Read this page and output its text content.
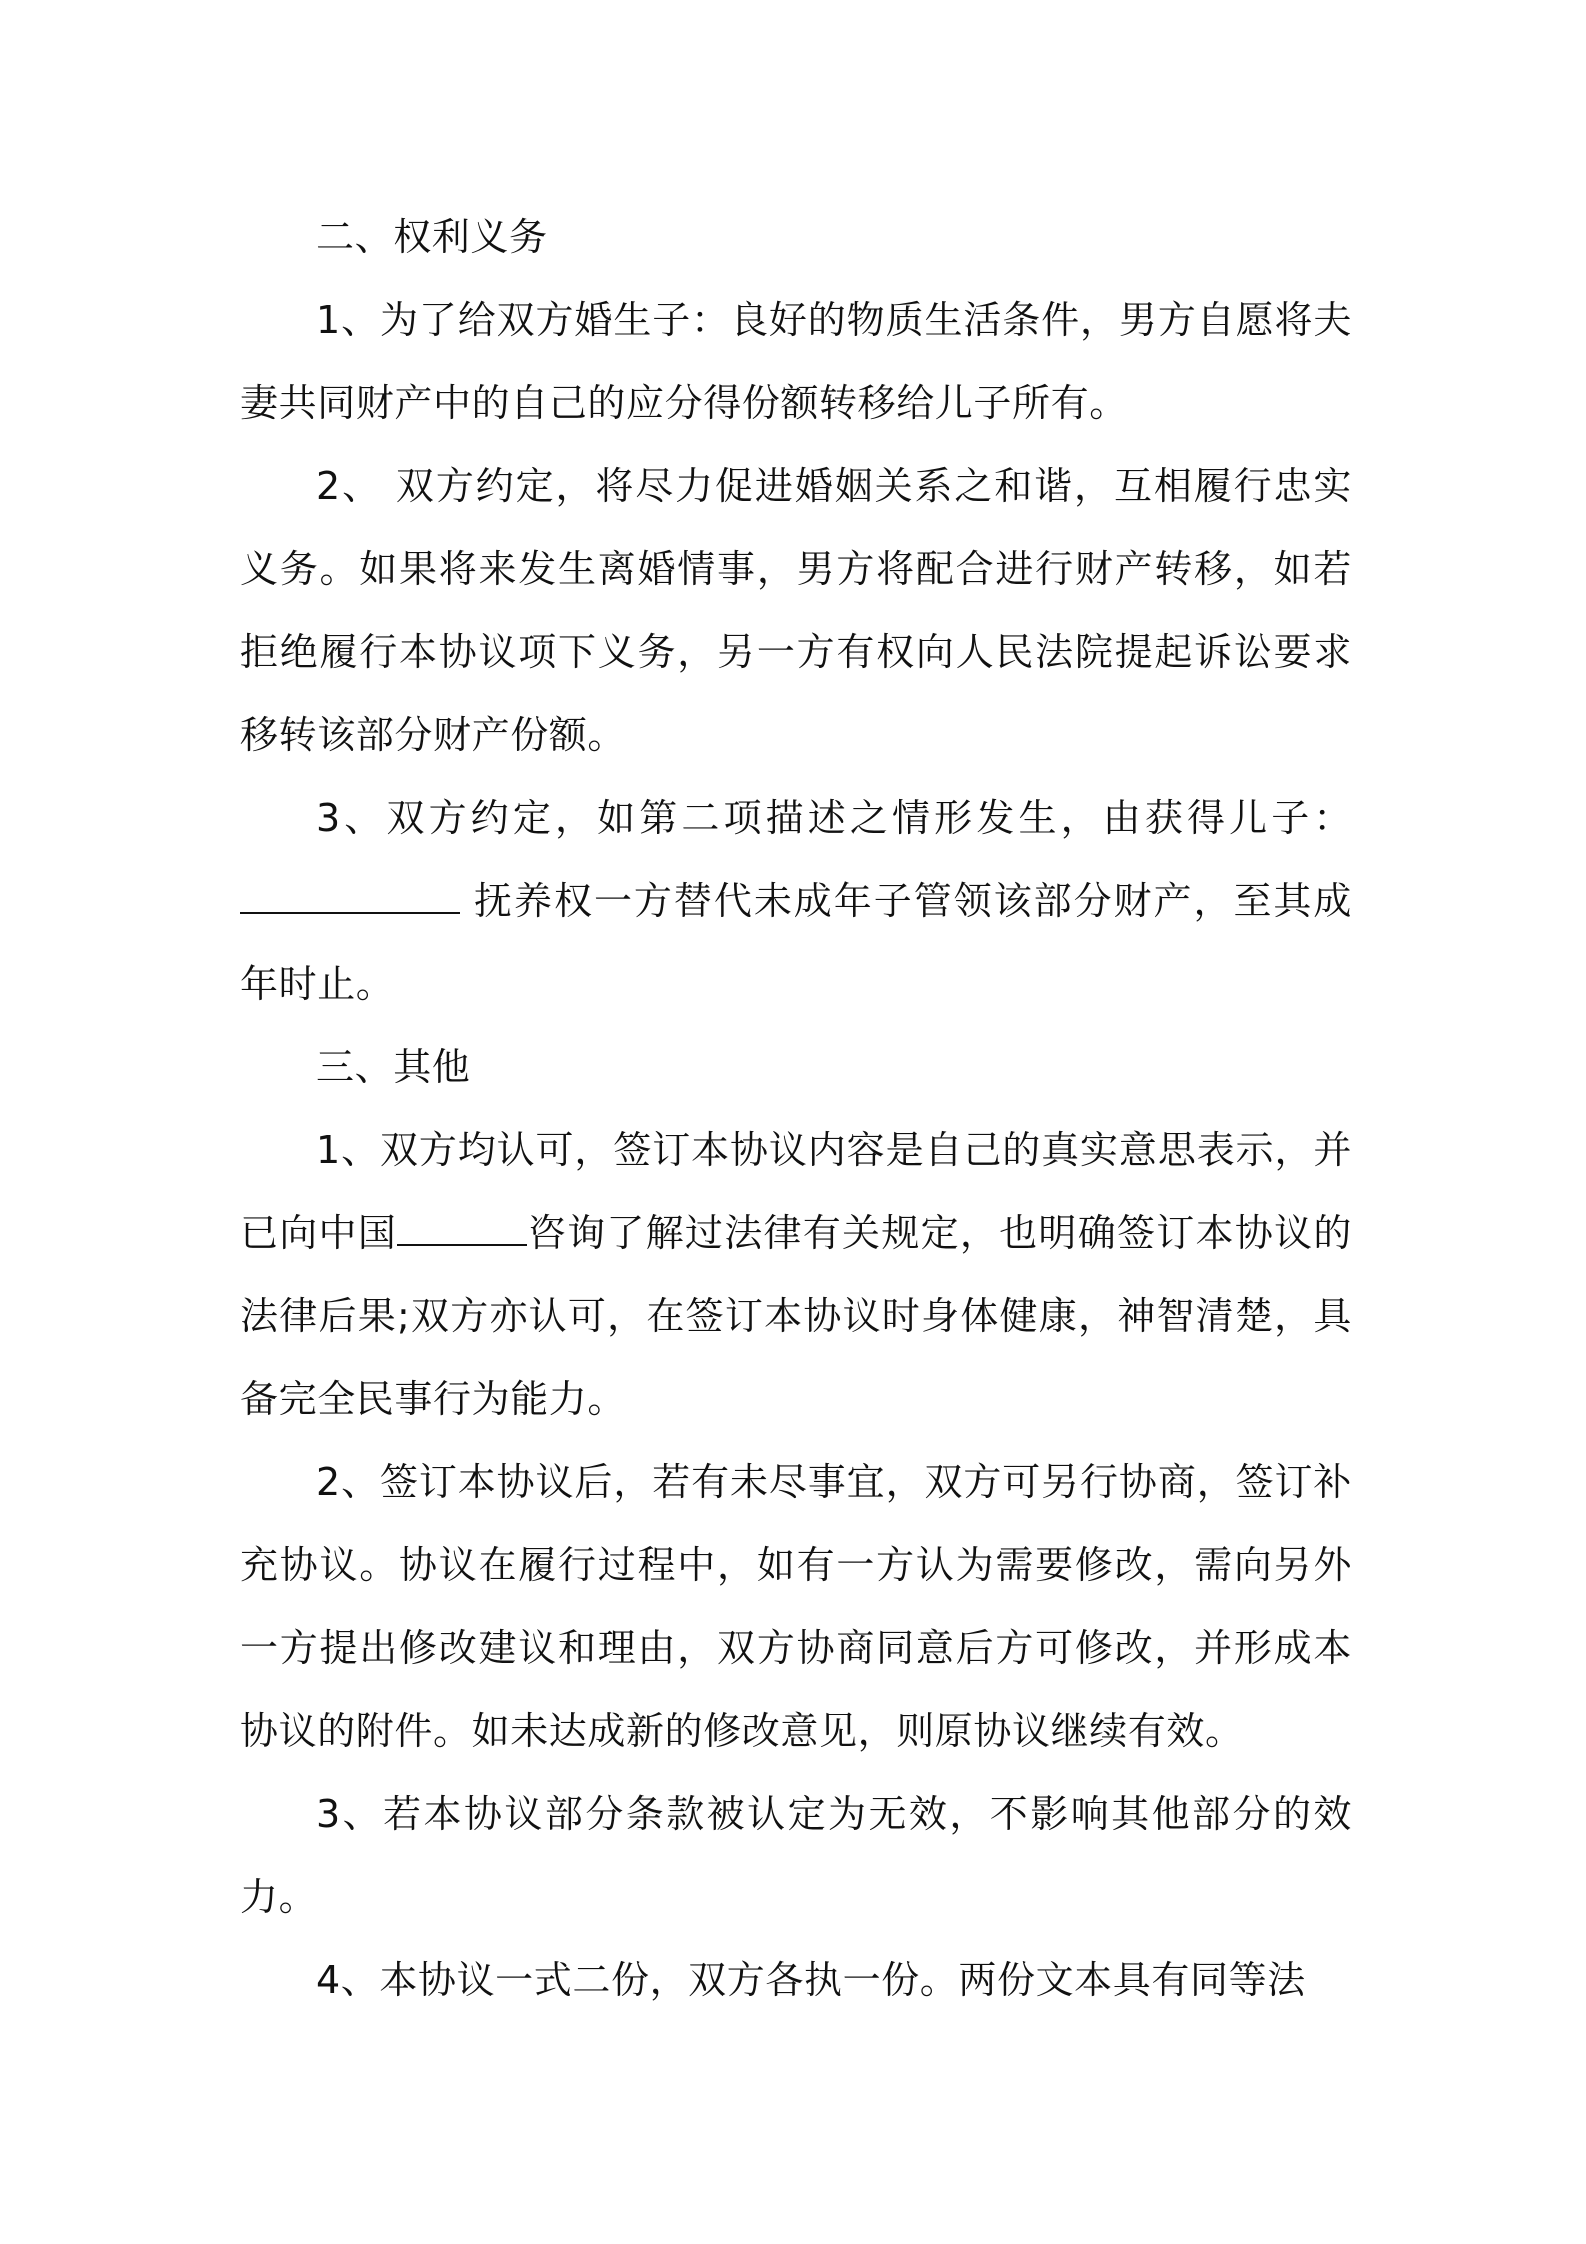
二、权利义务

1、为了给双方婚生子：良好的物质生活条件，男方自愿将夫妻共同财产中的自己的应分得份额转移给儿子所有。

2、 双方约定，将尽力促进婚姻关系之和谐，互相履行忠实义务。如果将来发生离婚情事，男方将配合进行财产转移，如若拒绝履行本协议项下义务，另一方有权向人民法院提起诉讼要求移转该部分财产份额。

3、双方约定，如第二项描述之情形发生，由获得儿子： 抚养权一方替代未成年子管领该部分财产，至其成年时止。

三、其他

1、双方均认可，签订本协议内容是自己的真实意思表示，并已向中国	咨询了解过法律有关规定，也明确签订本协议的法律后果;双方亦认可，在签订本协议时身体健康，神智清楚，具备完全民事行为能力。

2、签订本协议后，若有未尽事宜，双方可另行协商，签订补充协议。协议在履行过程中，如有一方认为需要修改，需向另外一方提出修改建议和理由，双方协商同意后方可修改，并形成本协议的附件。如未达成新的修改意见，则原协议继续有效。

3、若本协议部分条款被认定为无效，不影响其他部分的效力。

4、本协议一式二份，双方各执一份。两份文本具有同等法
